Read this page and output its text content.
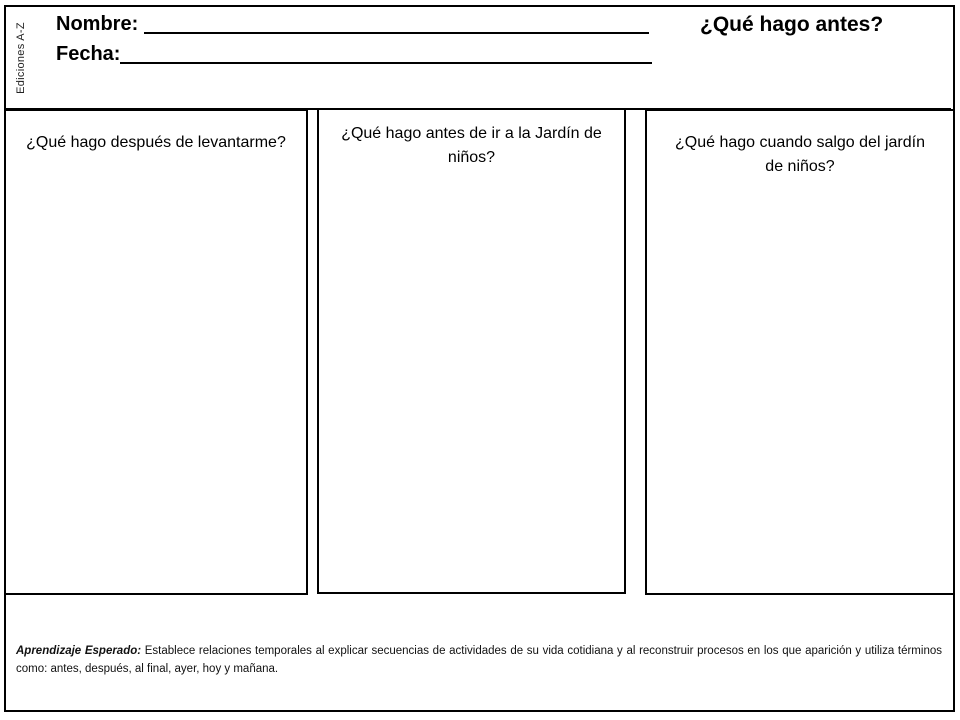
Ediciones A-Z Nombre:
Fecha:
¿Qué hago antes?
¿Qué hago después de levantarme?
¿Qué hago antes de ir a la Jardín de niños?
¿Qué hago cuando salgo del jardín de niños?
Aprendizaje Esperado: Establece relaciones temporales al explicar secuencias de actividades de su vida cotidiana y al reconstruir procesos en los que aparición y utiliza términos como: antes, después, al final, ayer, hoy y mañana.
